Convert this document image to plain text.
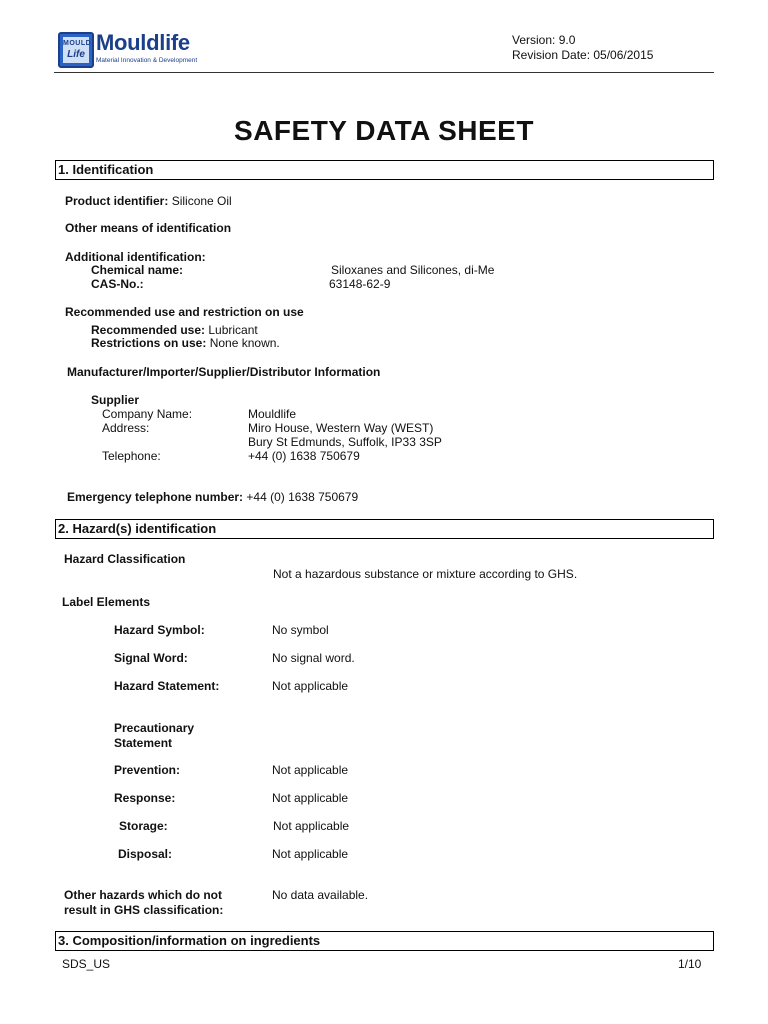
MOULD
Life Mouldlife
Material Innovation & Development
Version: 9.0
Revision Date: 05/06/2015
SAFETY DATA SHEET
1. Identification
Product identifier: Silicone Oil
Other means of identification
Additional identification:
Chemical name:	Siloxanes and Silicones, di-Me
CAS-No.:	63148-62-9
Recommended use and restriction on use
Recommended use: Lubricant
Restrictions on use: None known.
Manufacturer/Importer/Supplier/Distributor Information
Supplier
Company Name:	Mouldlife
Address:	Miro House, Western Way (WEST)
Bury St Edmunds, Suffolk, IP33 3SP
Telephone:	+44 (0) 1638 750679
Emergency telephone number: +44 (0) 1638 750679
2. Hazard(s) identification
Hazard Classification
Not a hazardous substance or mixture according to GHS.
Label Elements
Hazard Symbol:	No symbol
Signal Word:	No signal word.
Hazard Statement:	Not applicable
Precautionary
Statement
Prevention:	Not applicable
Response:	Not applicable
Storage:	Not applicable
Disposal:	Not applicable
Other hazards which do not
result in GHS classification:
No data available.
3. Composition/information on ingredients
SDS_US	1/10
